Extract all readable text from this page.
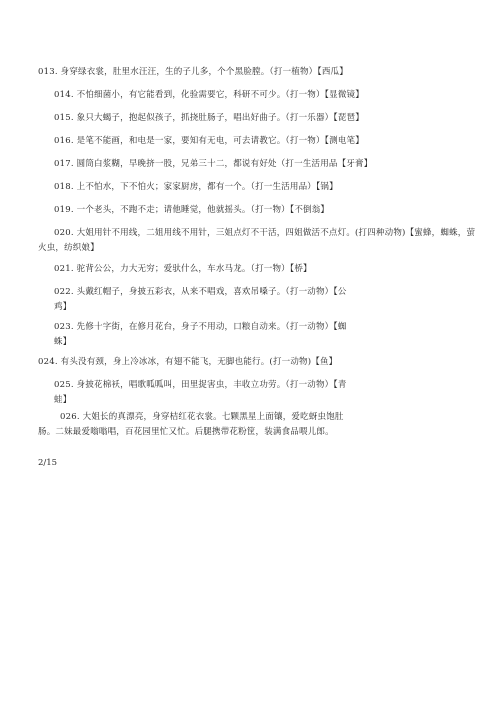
013. 身穿绿衣裳，肚里水汪汪，生的子儿多，个个黑脸膛。（打一植物）【西瓜】
014. 不怕细菌小，有它能看到，化验需要它，科研不可少。（打一物）【显微镜】
015. 象只大蝎子，抱起似孩子，抓挠肚肠子，唱出好曲子。（打一乐器）【琵琶】
016. 是笔不能画，和电是一家，要知有无电，可去请教它。（打一物）【测电笔】
017. 圆筒白浆糊，早晚挤一股，兄弟三十二，都说有好处（打一生活用品【牙膏】
018. 上不怕水，下不怕火；家家厨房，都有一个。（打一生活用品）【锅】
019. 一个老头，不跑不走；请他睡觉，他就摇头。（打一物）【不倒翁】
020. 大姐用针不用线，二姐用线不用针，三姐点灯不干活，四姐做活不点灯。(打四种动物)【蜜蜂，蜘蛛，萤
火虫，纺织娘】
021. 驼背公公，力大无穷；爱驮什么，车水马龙。（打一物）【桥】
022. 头戴红帽子，身披五彩衣，从来不唱戏，喜欢吊嗓子。（打一动物）【公
鸡】
023. 先修十字街，在修月花台，身子不用动，口粮自动来。（打一动物）【蜘
蛛】
024. 有头没有颈，身上冷冰冰，有翅不能飞，无脚也能行。(打一动物)【鱼】
025. 身披花棉袄，唱歌呱呱叫，田里捉害虫，丰收立功劳。（打一动物）【青
蛙】
026. 大姐长的真漂亮，身穿桔红花衣裳。七颗黑星上面镶，爱吃蚜虫饱肚
肠。二妹最爱嗡嗡唱，百花园里忙又忙。后腿携带花粉筐，装满食品喂儿郎。
2/15
